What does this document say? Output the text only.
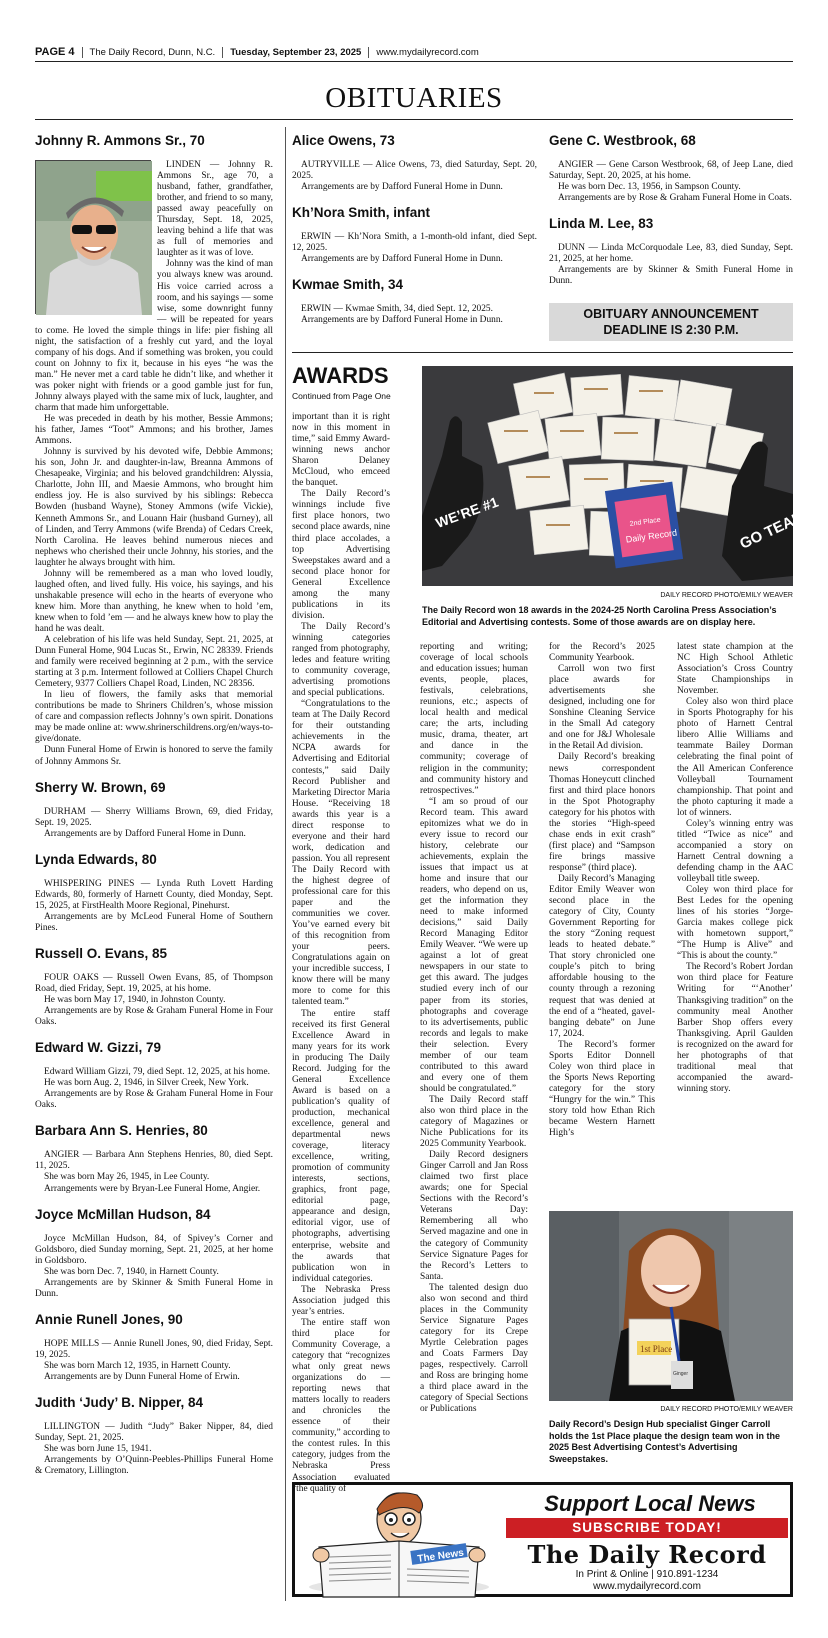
PAGE 4 The Daily Record, Dunn, N.C. Tuesday, September 23, 2025 www.mydailyrecord.com
OBITUARIES
Johnny R. Ammons Sr., 70

LINDEN — Johnny R. Ammons Sr., age 70, a husband, father, grandfather, brother, and friend to so many, passed away peacefully on Thursday, Sept. 18, 2025, leaving behind a life that was as full of memories and laughter as it was of love.

Johnny was the kind of man you always knew was around. His voice carried across a room, and his sayings — some wise, some downright funny — will be repeated for years to come. He loved the simple things in life: pier fishing all night, the satisfaction of a freshly cut yard, and the loyal company of his dogs. And if something was broken, you could count on Johnny to fix it, because in his eyes “he was the man.” He never met a card table he didn’t like, and whether it was poker night with friends or a good gamble just for fun, Johnny always played with the same mix of luck, laughter, and charm that made him unforgettable.

He was preceded in death by his mother, Bessie Ammons; his father, James “Toot” Ammons; and his brother, James Ammons.

Johnny is survived by his devoted wife, Debbie Ammons; his son, John Jr. and daughter-in-law, Breanna Ammons of Chesapeake, Virginia; and his beloved grandchildren: Alyssia, Charlotte, John III, and Maesie Ammons, who brought him endless joy. He is also survived by his siblings: Rebecca Bowden (husband Wayne), Stoney Ammons (wife Vickie), Kenneth Ammons Sr., and Louann Hair (husband Gurney), all of Linden, and Terry Ammons (wife Brenda) of Cedars Creek, North Carolina. He leaves behind numerous nieces and nephews who cherished their uncle Johnny, his stories, and the laughter he always brought with him.

Johnny will be remembered as a man who loved loudly, laughed often, and lived fully. His voice, his sayings, and his unshakable presence will echo in the hearts of everyone who knew him. More than anything, he knew when to hold ’em, knew when to fold ’em — and he always knew how to play the hand he was dealt.

A celebration of his life was held Sunday, Sept. 21, 2025, at Dunn Funeral Home, 904 Lucas St., Erwin, NC 28339. Friends and family were received beginning at 2 p.m., with the service starting at 3 p.m. Interment followed at Colliers Chapel Church Cemetery, 9377 Colliers Chapel Road, Linden, NC 28356.

In lieu of flowers, the family asks that memorial contributions be made to Shriners Children’s, whose mission of care and compassion reflects Johnny’s own spirit. Donations may be made online at: www.shrinerschildrens.org/en/ways-to-give/donate.

Dunn Funeral Home of Erwin is honored to serve the family of Johnny Ammons Sr.

Sherry W. Brown, 69

DURHAM — Sherry Williams Brown, 69, died Friday, Sept. 19, 2025.

Arrangements are by Dafford Funeral Home in Dunn.

Lynda Edwards, 80

WHISPERING PINES — Lynda Ruth Lovett Harding Edwards, 80, formerly of Harnett County, died Monday, Sept. 15, 2025, at FirstHealth Moore Regional, Pinehurst.

Arrangements are by McLeod Funeral Home of Southern Pines.

Russell O. Evans, 85

FOUR OAKS — Russell Owen Evans, 85, of Thompson Road, died Friday, Sept. 19, 2025, at his home.

He was born May 17, 1940, in Johnston County.

Arrangements are by Rose & Graham Funeral Home in Four Oaks.

Edward W. Gizzi, 79

Edward William Gizzi, 79, died Sept. 12, 2025, at his home.

He was born Aug. 2, 1946, in Silver Creek, New York.

Arrangements are by Rose & Graham Funeral Home in Four Oaks.

Barbara Ann S. Henries, 80

ANGIER — Barbara Ann Stephens Henries, 80, died Sept. 11, 2025.

She was born May 26, 1945, in Lee County.

Arrangements were by Bryan-Lee Funeral Home, Angier.

Joyce McMillan Hudson, 84

Joyce McMillan Hudson, 84, of Spivey’s Corner and Goldsboro, died Sunday morning, Sept. 21, 2025, at her home in Goldsboro.

She was born Dec. 7, 1940, in Harnett County.

Arrangements are by Skinner & Smith Funeral Home in Dunn.

Annie Runell Jones, 90

HOPE MILLS — Annie Runell Jones, 90, died Friday, Sept. 19, 2025.

She was born March 12, 1935, in Harnett County.

Arrangements are by Dunn Funeral Home of Erwin.

Judith ‘Judy’ B. Nipper, 84

LILLINGTON — Judith “Judy” Baker Nipper, 84, died Sunday, Sept. 21, 2025.

She was born June 15, 1941.

Arrangements by O’Quinn-Peebles-Phillips Funeral Home & Crematory, Lillington.

Alice Owens, 73

AUTRYVILLE — Alice Owens, 73, died Saturday, Sept. 20, 2025.

Arrangements are by Dafford Funeral Home in Dunn.

Kh’Nora Smith, infant

ERWIN — Kh’Nora Smith, a 1-month-old infant, died Sept. 12, 2025.

Arrangements are by Dafford Funeral Home in Dunn.

Kwmae Smith, 34

ERWIN — Kwmae Smith, 34, died Sept. 12, 2025.

Arrangements are by Dafford Funeral Home in Dunn.

Gene C. Westbrook, 68

ANGIER — Gene Carson Westbrook, 68, of Jeep Lane, died Saturday, Sept. 20, 2025, at his home.

He was born Dec. 13, 1956, in Sampson County.

Arrangements are by Rose & Graham Funeral Home in Coats.

Linda M. Lee, 83

DUNN — Linda McCorquodale Lee, 83, died Sunday, Sept. 21, 2025, at her home.

Arrangements are by Skinner & Smith Funeral Home in Dunn.

OBITUARY ANNOUNCEMENT
DEADLINE IS 2:30 P.M.
AWARDS
Continued from Page One

important than it is right now in this moment in time,” said Emmy Award-winning news anchor Sharon Delaney McCloud, who emceed the banquet.

The Daily Record’s winnings include five first place honors, two second place awards, nine third place accolades, a top Advertising Sweepstakes award and a second place honor for General Excellence among the many publications in its division.

The Daily Record’s winning categories ranged from photography, ledes and feature writing to community coverage, advertising promotions and special publications.

“Congratulations to the team at The Daily Record for their outstanding achievements in the NCPA awards for Advertising and Editorial contests,” said Daily Record Publisher and Marketing Director Maria House. “Receiving 18 awards this year is a direct response to everyone and their hard work, dedication and passion. You all represent The Daily Record with the highest degree of professional care for this paper and the communities we cover. You’ve earned every bit of this recognition from your peers. Congratulations again on your incredible success, I know there will be many more to come for this talented team.”

The entire staff received its first General Excellence Award in many years for its work in producing The Daily Record. Judging for the General Excellence Award is based on a publication’s quality of production, mechanical excellence, general and departmental news coverage, literacy excellence, writing, promotion of community interests, sections, graphics, front page, editorial page, appearance and design, editorial vigor, use of photographs, advertising enterprise, website and the awards that publication won in individual categories.

The Nebraska Press Association judged this year’s entries.

The entire staff won third place for Community Coverage, a category that “recognizes what only great news organizations do — reporting news that matters locally to readers and chronicles the essence of their community,” according to the contest rules. In this category, judges from the Nebraska Press Association evaluated “the quality of

WE’RE #1	GO TEAM!
2nd Place
Daily Record
DAILY RECORD PHOTO/EMILY WEAVER
The Daily Record won 18 awards in the 2024-25 North Carolina Press Association’s Editorial and Advertising contests. Some of those awards are on display here.

reporting and writing; coverage of local schools and education issues; human events, people, places, festivals, celebrations, reunions, etc.; aspects of local health and medical care; the arts, including music, drama, theater, art and dance in the community; coverage of religion in the community; and community history and retrospectives.”

“I am so proud of our Record team. This award epitomizes what we do in every issue to record our history, celebrate our achievements, explain the issues that impact us at home and insure that our readers, who depend on us, get the information they need to make informed decisions,” said Daily Record Managing Editor Emily Weaver. “We were up against a lot of great newspapers in our state to get this award. The judges studied every inch of our paper from its stories, photographs and coverage to its advertisements, public records and legals to make their selection. Every member of our team contributed to this award and every one of them should be congratulated.”

The Daily Record staff also won third place in the category of Magazines or Niche Publications for its 2025 Community Yearbook.

Daily Record designers Ginger Carroll and Jan Ross claimed two first place awards; one for Special Sections with the Record’s Veterans Day: Remembering all who Served magazine and one in the category of Community Service Signature Pages for the Record’s Letters to Santa.

The talented design duo also won second and third places in the Community Service Signature Pages category for its Crepe Myrtle Celebration pages and Coats Farmers Day pages, respectively. Carroll and Ross are bringing home a third place award in the category of Special Sections or Publications

for the Record’s 2025 Community Yearbook.

Carroll won two first place awards for advertisements she designed, including one for Sonshine Cleaning Service in the Small Ad category and one for J&J Wholesale in the Retail Ad division.

Daily Record’s breaking news correspondent Thomas Honeycutt clinched first and third place honors in the Spot Photography category for his photos with the stories “High-speed chase ends in exit crash” (first place) and “Sampson fire brings massive response” (third place).

Daily Record’s Managing Editor Emily Weaver won second place in the category of City, County Government Reporting for the story “Zoning request leads to heated debate.” That story chronicled one couple’s pitch to bring affordable housing to the county through a rezoning request that was denied at the end of a “heated, gavel-banging debate” on June 17, 2024.

The Record’s former Sports Editor Donnell Coley won third place in the Sports News Reporting category for the story “Hungry for the win.” This story told how Ethan Rich became Western Harnett High’s

latest state champion at the NC High School Athletic Association’s Cross Country State Championships in November.

Coley also won third place in Sports Photography for his photo of Harnett Central libero Allie Williams and teammate Bailey Dorman celebrating the final point of the All American Conference Volleyball Tournament championship. That point and the photo capturing it made a lot of winners.

Coley’s winning entry was titled “Twice as nice” and accompanied a story on Harnett Central downing a defending champ in the AAC volleyball title sweep.

Coley won third place for Best Ledes for the opening lines of his stories “Jorge-Garcia makes college pick with hometown support,” “The Hump is Alive” and “This is about the county.”

The Record’s Robert Jordan won third place for Feature Writing for “‘Another’ Thanksgiving tradition” on the community meal Another Barber Shop offers every Thanksgiving. April Gaulden is recognized on the award for her photographs of that traditional meal that accompanied the award-winning story.

1st Place
Ginger
DAILY RECORD PHOTO/EMILY WEAVER
Daily Record’s Design Hub specialist Ginger Carroll holds the 1st Place plaque the design team won in the 2025 Best Advertising Contest’s Advertising Sweepstakes.
The News
Support Local News
SUBSCRIBE TODAY!
The Daily Record
In Print & Online | 910.891-1234
www.mydailyrecord.com
